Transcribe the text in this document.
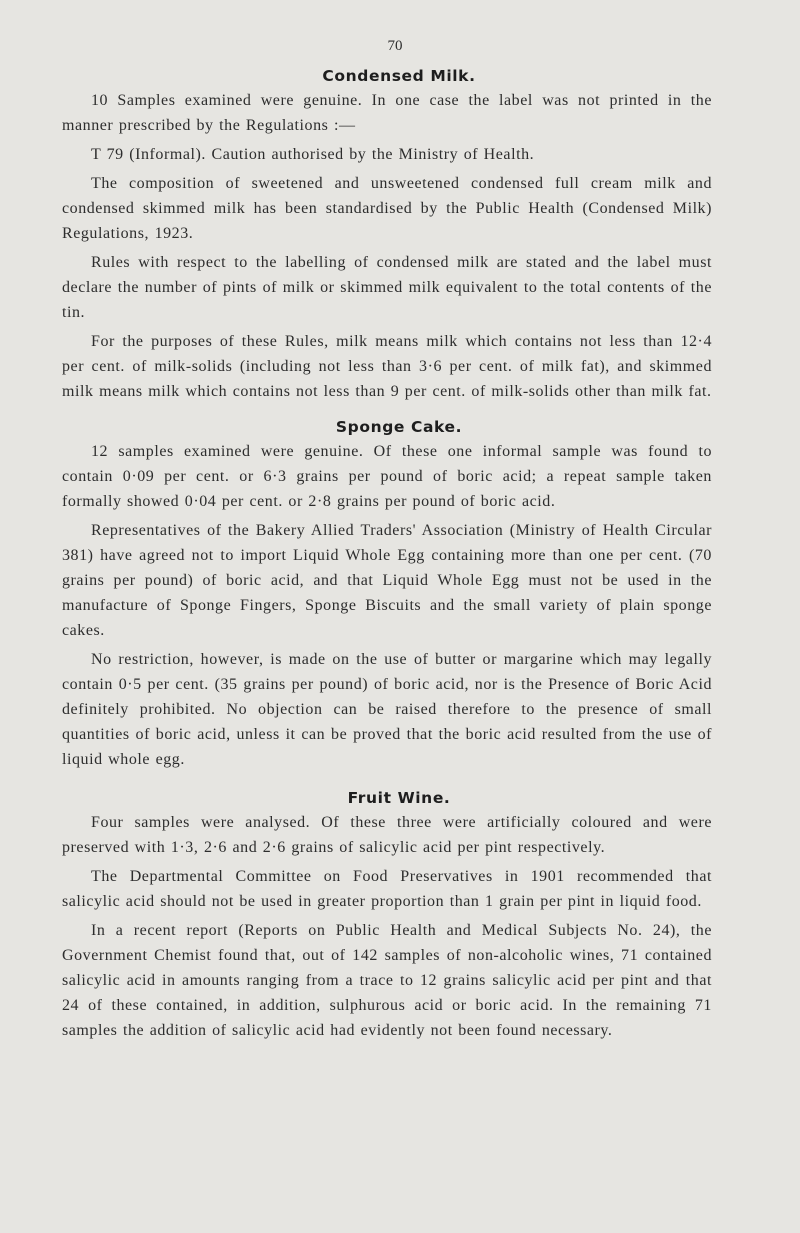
70
Condensed Milk.

10 Samples examined were genuine. In one case the label was not printed in the manner prescribed by the Regulations :—

T 79 (Informal). Caution authorised by the Ministry of Health.

The composition of sweetened and unsweetened condensed full cream milk and condensed skimmed milk has been standardised by the Public Health (Condensed Milk) Regulations, 1923.

Rules with respect to the labelling of condensed milk are stated and the label must declare the number of pints of milk or skimmed milk equivalent to the total contents of the tin.

For the purposes of these Rules, milk means milk which contains not less than 12·4 per cent. of milk-solids (including not less than 3·6 per cent. of milk fat), and skimmed milk means milk which contains not less than 9 per cent. of milk-solids other than milk fat.

Sponge Cake.

12 samples examined were genuine. Of these one informal sample was found to contain 0·09 per cent. or 6·3 grains per pound of boric acid; a repeat sample taken formally showed 0·04 per cent. or 2·8 grains per pound of boric acid.

Representatives of the Bakery Allied Traders' Association (Ministry of Health Circular 381) have agreed not to import Liquid Whole Egg containing more than one per cent. (70 grains per pound) of boric acid, and that Liquid Whole Egg must not be used in the manufacture of Sponge Fingers, Sponge Biscuits and the small variety of plain sponge cakes.

No restriction, however, is made on the use of butter or margarine which may legally contain 0·5 per cent. (35 grains per pound) of boric acid, nor is the Presence of Boric Acid definitely prohibited. No objection can be raised therefore to the presence of small quantities of boric acid, unless it can be proved that the boric acid resulted from the use of liquid whole egg.

Fruit Wine.

Four samples were analysed. Of these three were artificially coloured and were preserved with 1·3, 2·6 and 2·6 grains of salicylic acid per pint respectively.

The Departmental Committee on Food Preservatives in 1901 recommended that salicylic acid should not be used in greater proportion than 1 grain per pint in liquid food.

In a recent report (Reports on Public Health and Medical Subjects No. 24), the Government Chemist found that, out of 142 samples of non-alcoholic wines, 71 contained salicylic acid in amounts ranging from a trace to 12 grains salicylic acid per pint and that 24 of these contained, in addition, sulphurous acid or boric acid. In the remaining 71 samples the addition of salicylic acid had evidently not been found necessary.
